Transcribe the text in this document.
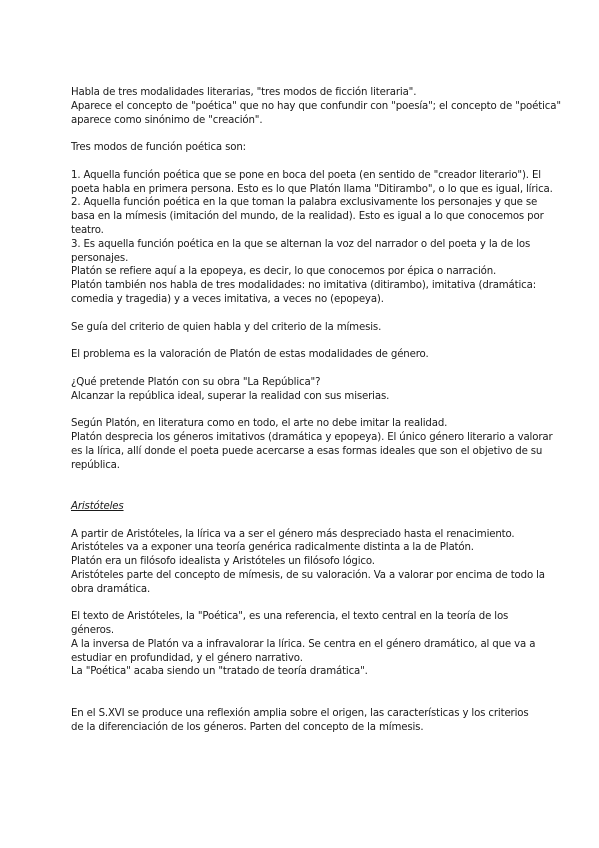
Habla de tres modalidades literarias, "tres modos de ficción literaria".
Aparece el concepto de "poética" que no hay que confundir con "poesía"; el concepto de "poética"
aparece como sinónimo de "creación".
Tres modos de función poética son:
1. Aquella función poética que se pone en boca del poeta (en sentido de "creador literario"). El
poeta habla en primera persona. Esto es lo que Platón llama "Ditirambo", o lo que es igual, lírica.
2. Aquella función poética en la que toman la palabra exclusivamente los personajes y que se
basa en la mímesis (imitación del mundo, de la realidad). Esto es igual a lo que conocemos por
teatro.
3. Es aquella función poética en la que se alternan la voz del narrador o del poeta y la de los
personajes.
Platón se refiere aquí a la epopeya, es decir, lo que conocemos por épica o narración.
Platón también nos habla de tres modalidades: no imitativa (ditirambo), imitativa (dramática:
comedia y tragedia) y a veces imitativa, a veces no (epopeya).
Se guía del criterio de quien habla y del criterio de la mímesis.
El problema es la valoración de Platón de estas modalidades de género.
¿Qué pretende Platón con su obra "La República"?
Alcanzar la república ideal, superar la realidad con sus miserias.
Según Platón, en literatura como en todo, el arte no debe imitar la realidad.
Platón desprecia los géneros imitativos (dramática y epopeya). El único género literario a valorar
es la lírica, allí donde el poeta puede acercarse a esas formas ideales que son el objetivo de su
república.
Aristóteles
A partir de Aristóteles, la lírica va a ser el género más despreciado hasta el renacimiento.
Aristóteles va a exponer una teoría genérica radicalmente distinta a la de Platón.
Platón era un filósofo idealista y Aristóteles un filósofo lógico.
Aristóteles parte del concepto de mímesis, de su valoración. Va a valorar por encima de todo la
obra dramática.
El texto de Aristóteles, la "Poética", es una referencia, el texto central en la teoría de los
géneros.
A la inversa de Platón va a infravalorar la lírica. Se centra en el género dramático, al que va a
estudiar en profundidad, y el género narrativo.
La "Poética" acaba siendo un "tratado de teoría dramática".
En el S.XVI se produce una reflexión amplia sobre el origen, las características y los criterios
de la diferenciación de los géneros. Parten del concepto de la mímesis.
